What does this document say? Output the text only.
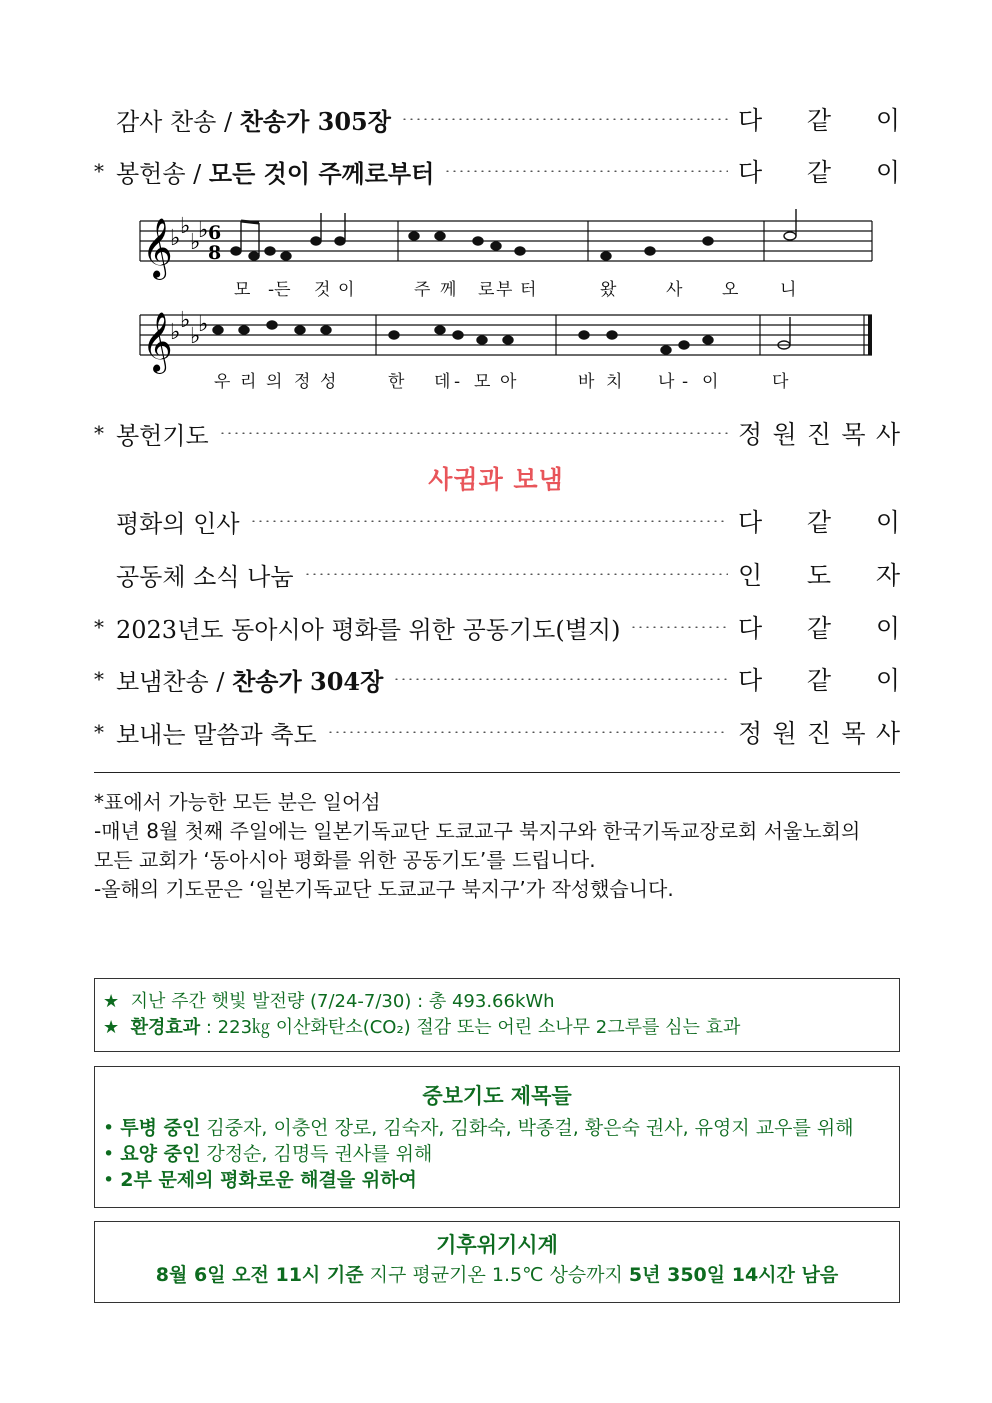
감사 찬송 / 찬송가 305장	다 같 이
* 봉헌송 / 모든 것이 주께로부터	다 같 이
𝄞
♭ ♭
♭
♭ 6
8
모 -든 것 이	주 께 로 부 터	왔	사 오 니
𝄞
♭ ♭
♭
♭
우 리 의 정 성	한 데 - 모 아	바 치 나 - 이	다
* 봉헌기도	정 원 진 목 사
사귐과 보냄
평화의 인사	다 같 이
공동체 소식 나눔	인 도 자
* 2023년도 동아시아 평화를 위한 공동기도(별지)	다 같 이
* 보냄찬송 / 찬송가 304장	다 같 이
* 보내는 말씀과 축도	정 원 진 목 사
*표에서 가능한 모든 분은 일어섬
-매년 8월 첫째 주일에는 일본기독교단 도쿄교구 북지구와 한국기독교장로회 서울노회의
모든 교회가 ‘동아시아 평화를 위한 공동기도’를 드립니다.
-올해의 기도문은 ‘일본기독교단 도쿄교구 북지구’가 작성했습니다.
★ 지난 주간 햇빛 발전량 (7/24-7/30) : 총 493.66kWh
★ 환경효과 : 223㎏ 이산화탄소(CO₂) 절감 또는 어린 소나무 2그루를 심는 효과
중보기도 제목들
• 투병 중인 김중자, 이충언 장로, 김숙자, 김화숙, 박종걸, 황은숙 권사, 유영지 교우를 위해
• 요양 중인 강정순, 김명득 권사를 위해
• 2부 문제의 평화로운 해결을 위하여
기후위기시계
8월 6일 오전 11시 기준 지구 평균기온 1.5℃ 상승까지 5년 350일 14시간 남음
